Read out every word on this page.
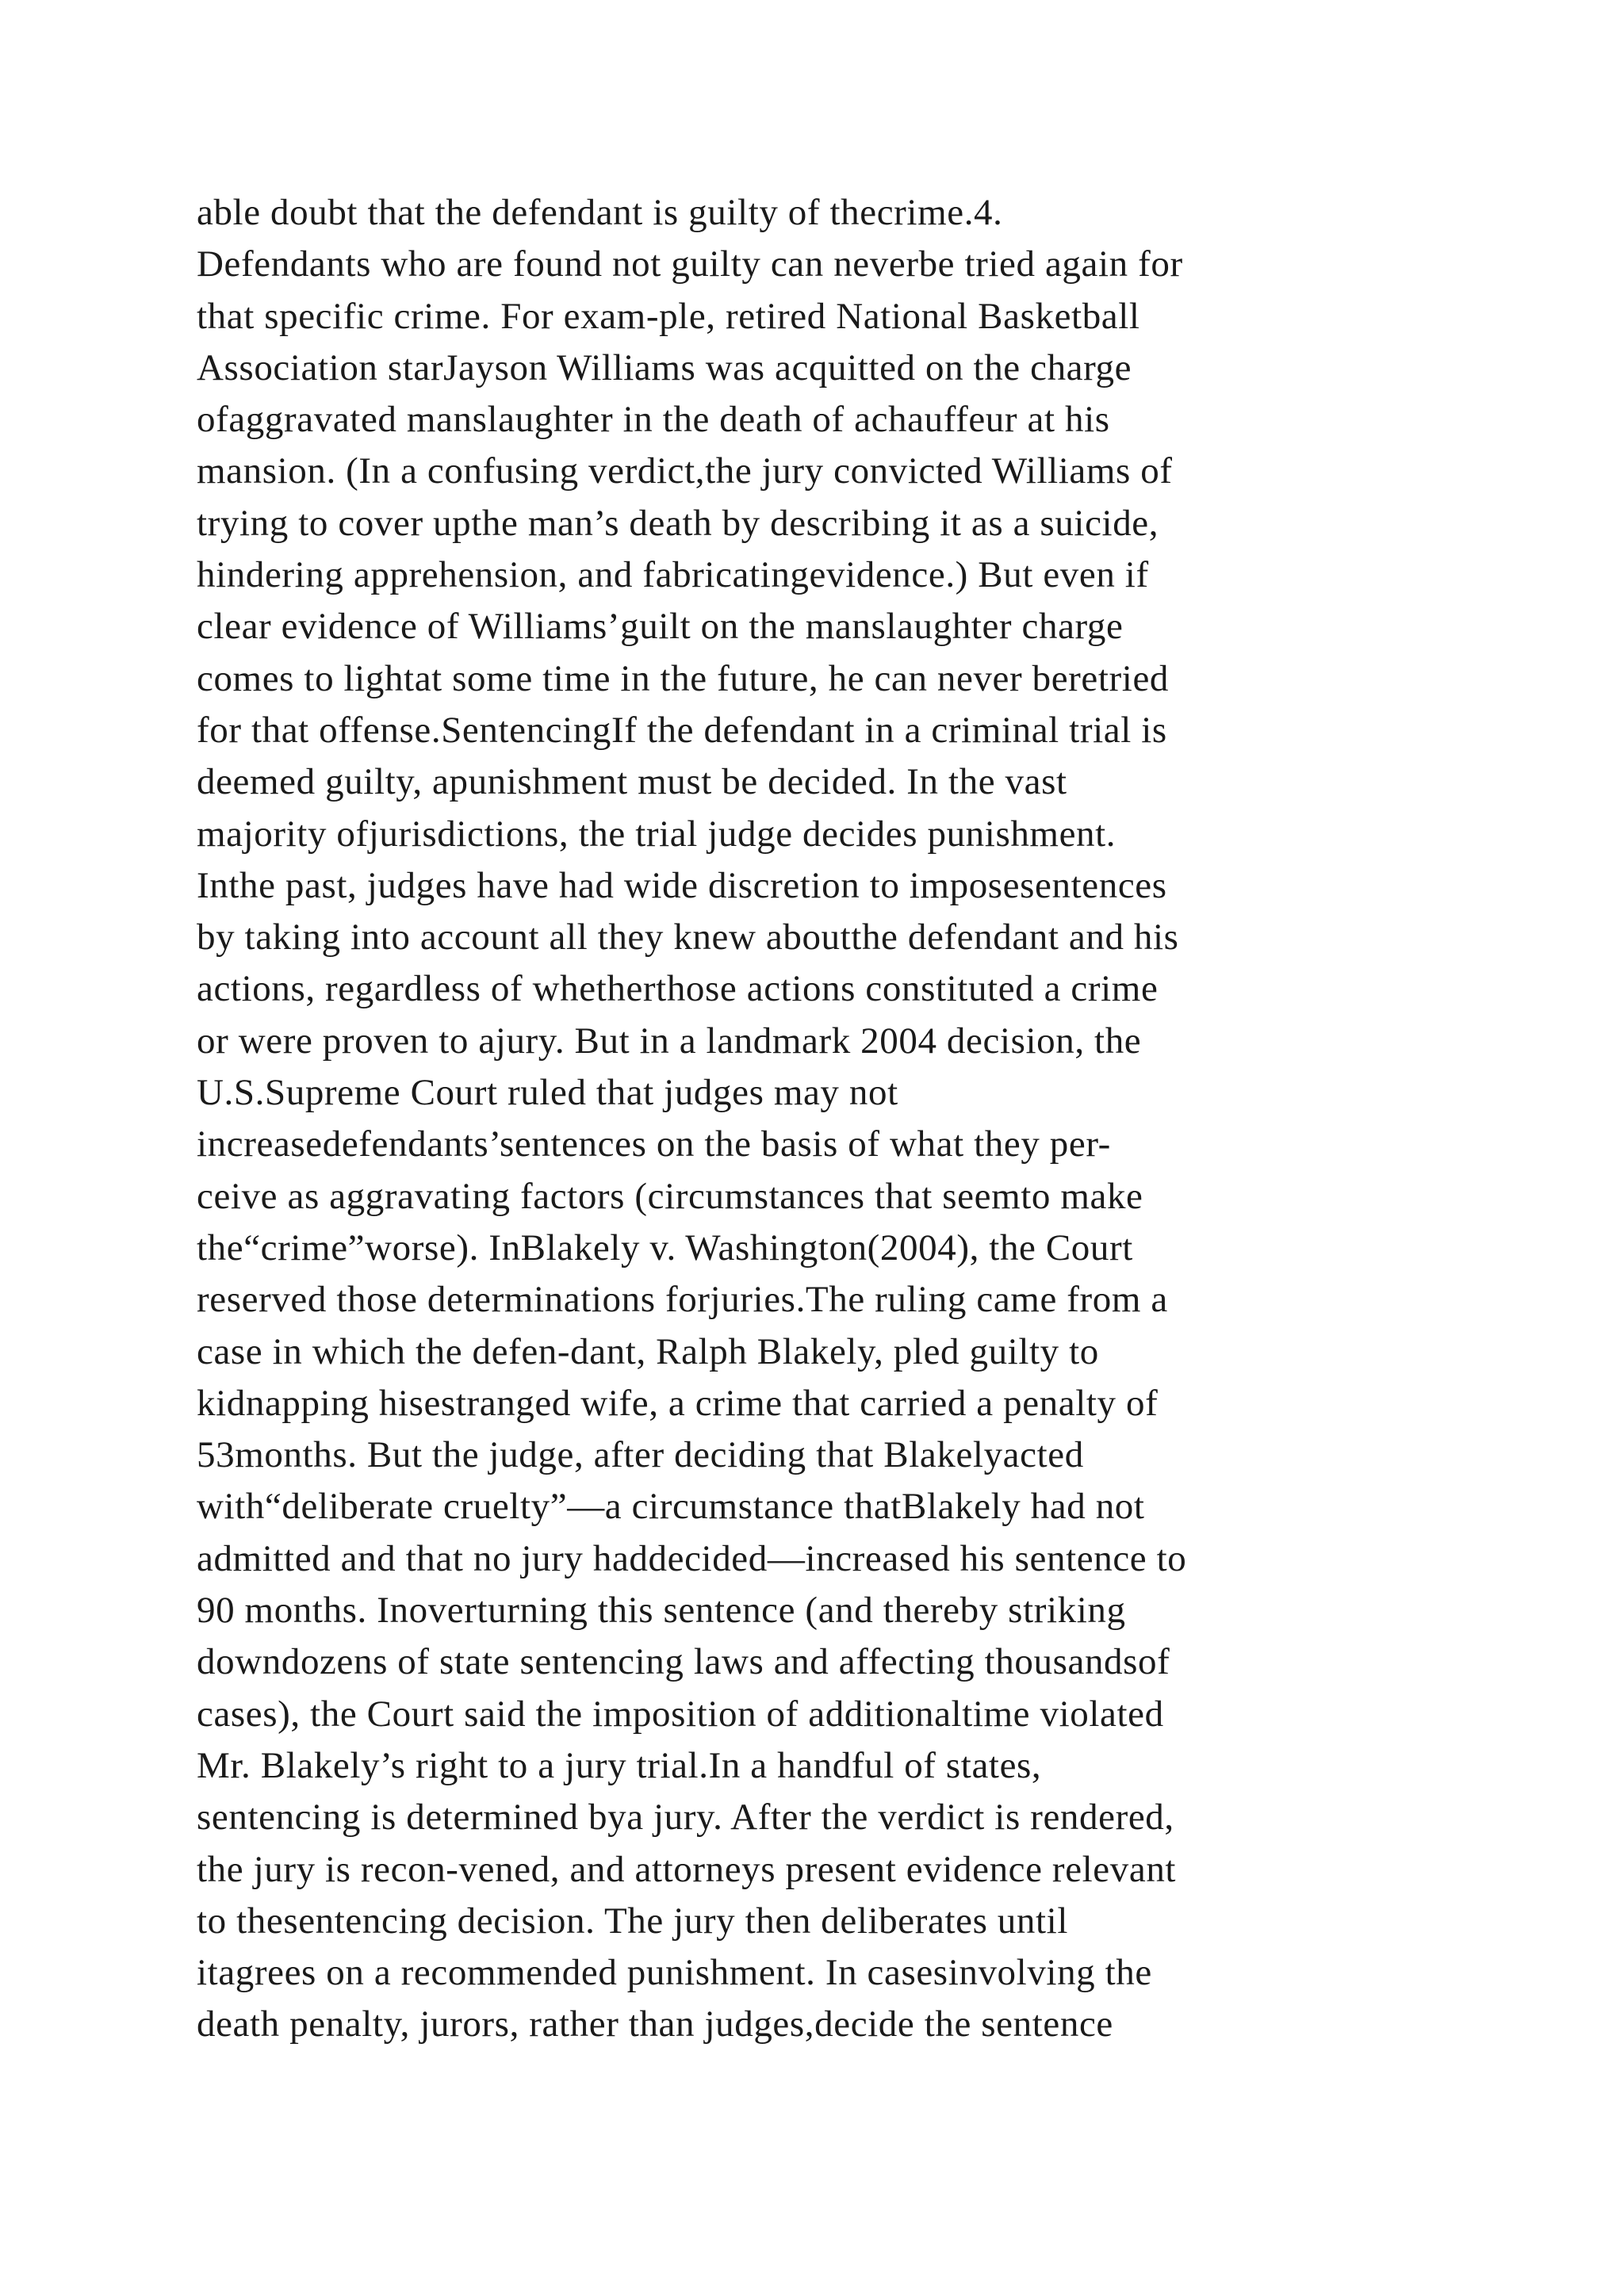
able doubt that the defendant is guilty of thecrime.4.
Defendants who are found not guilty can neverbe tried again for
that specific crime. For exam-ple, retired National Basketball
Association starJayson Williams was acquitted on the charge
ofaggravated manslaughter in the death of achauffeur at his
mansion. (In a confusing verdict,the jury convicted Williams of
trying to cover upthe man’s death by describing it as a suicide,
hindering apprehension, and fabricatingevidence.) But even if
clear evidence of Williams’guilt on the manslaughter charge
comes to lightat some time in the future, he can never beretried
for that offense.SentencingIf the defendant in a criminal trial is
deemed guilty, apunishment must be decided. In the vast
majority ofjurisdictions, the trial judge decides punishment.
Inthe past, judges have had wide discretion to imposesentences
by taking into account all they knew aboutthe defendant and his
actions, regardless of whetherthose actions constituted a crime
or were proven to ajury. But in a landmark 2004 decision, the
U.S.Supreme Court ruled that judges may not
increasedefendants’sentences on the basis of what they per-
ceive as aggravating factors (circumstances that seemto make
the“crime”worse). InBlakely v. Washington(2004), the Court
reserved those determinations forjuries.The ruling came from a
case in which the defen-dant, Ralph Blakely, pled guilty to
kidnapping hisestranged wife, a crime that carried a penalty of
53months. But the judge, after deciding that Blakelyacted
with“deliberate cruelty”—a circumstance thatBlakely had not
admitted and that no jury haddecided—increased his sentence to
90 months. Inoverturning this sentence (and thereby striking
downdozens of state sentencing laws and affecting thousandsof
cases), the Court said the imposition of additionaltime violated
Mr. Blakely’s right to a jury trial.In a handful of states,
sentencing is determined bya jury. After the verdict is rendered,
the jury is recon-vened, and attorneys present evidence relevant
to thesentencing decision. The jury then deliberates until
itagrees on a recommended punishment. In casesinvolving the
death penalty, jurors, rather than judges,decide the sentence
